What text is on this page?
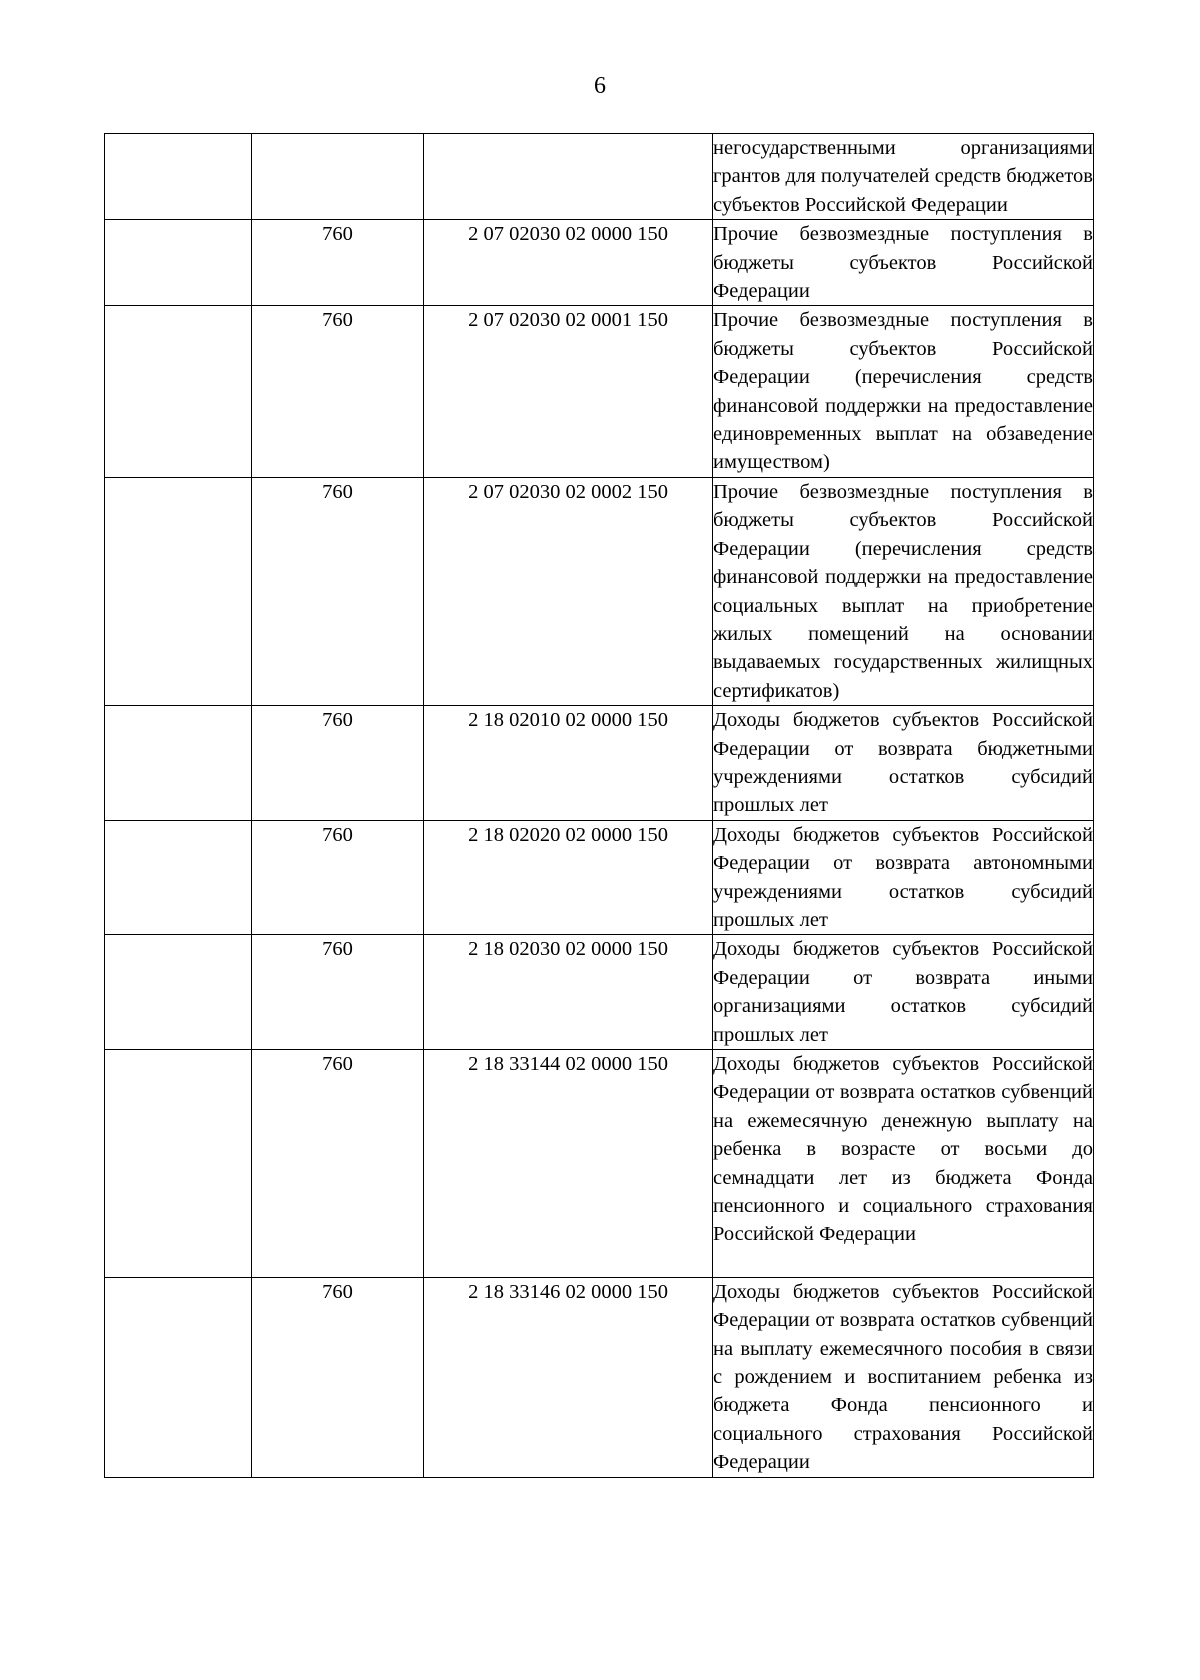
6
			негосударственными организациями грантов для получателей средств бюджетов субъектов Российской Федерации
	760	2 07 02030 02 0000 150	Прочие безвозмездные поступления в бюджеты субъектов Российской Федерации
	760	2 07 02030 02 0001 150	Прочие безвозмездные поступления в бюджеты субъектов Российской Федерации (перечисления средств финансовой поддержки на предоставление единовременных выплат на обзаведение имуществом)
	760	2 07 02030 02 0002 150	Прочие безвозмездные поступления в бюджеты субъектов Российской Федерации (перечисления средств финансовой поддержки на предоставление социальных выплат на приобретение жилых помещений на основании выдаваемых государственных жилищных сертификатов)
	760	2 18 02010 02 0000 150	Доходы бюджетов субъектов Российской Федерации от возврата бюджетными учреждениями остатков субсидий прошлых лет
	760	2 18 02020 02 0000 150	Доходы бюджетов субъектов Российской Федерации от возврата автономными учреждениями остатков субсидий прошлых лет
	760	2 18 02030 02 0000 150	Доходы бюджетов субъектов Российской Федерации от возврата иными организациями остатков субсидий прошлых лет
	760	2 18 33144 02 0000 150	Доходы бюджетов субъектов Российской Федерации от возврата остатков субвенций на ежемесячную денежную выплату на ребенка в возрасте от восьми до семнадцати лет из бюджета Фонда пенсионного и социального страхования Российской Федерации
	760	2 18 33146 02 0000 150	Доходы бюджетов субъектов Российской Федерации от возврата остатков субвенций на выплату ежемесячного пособия в связи с рождением и воспитанием ребенка из бюджета Фонда пенсионного и социального страхования Российской Федерации
